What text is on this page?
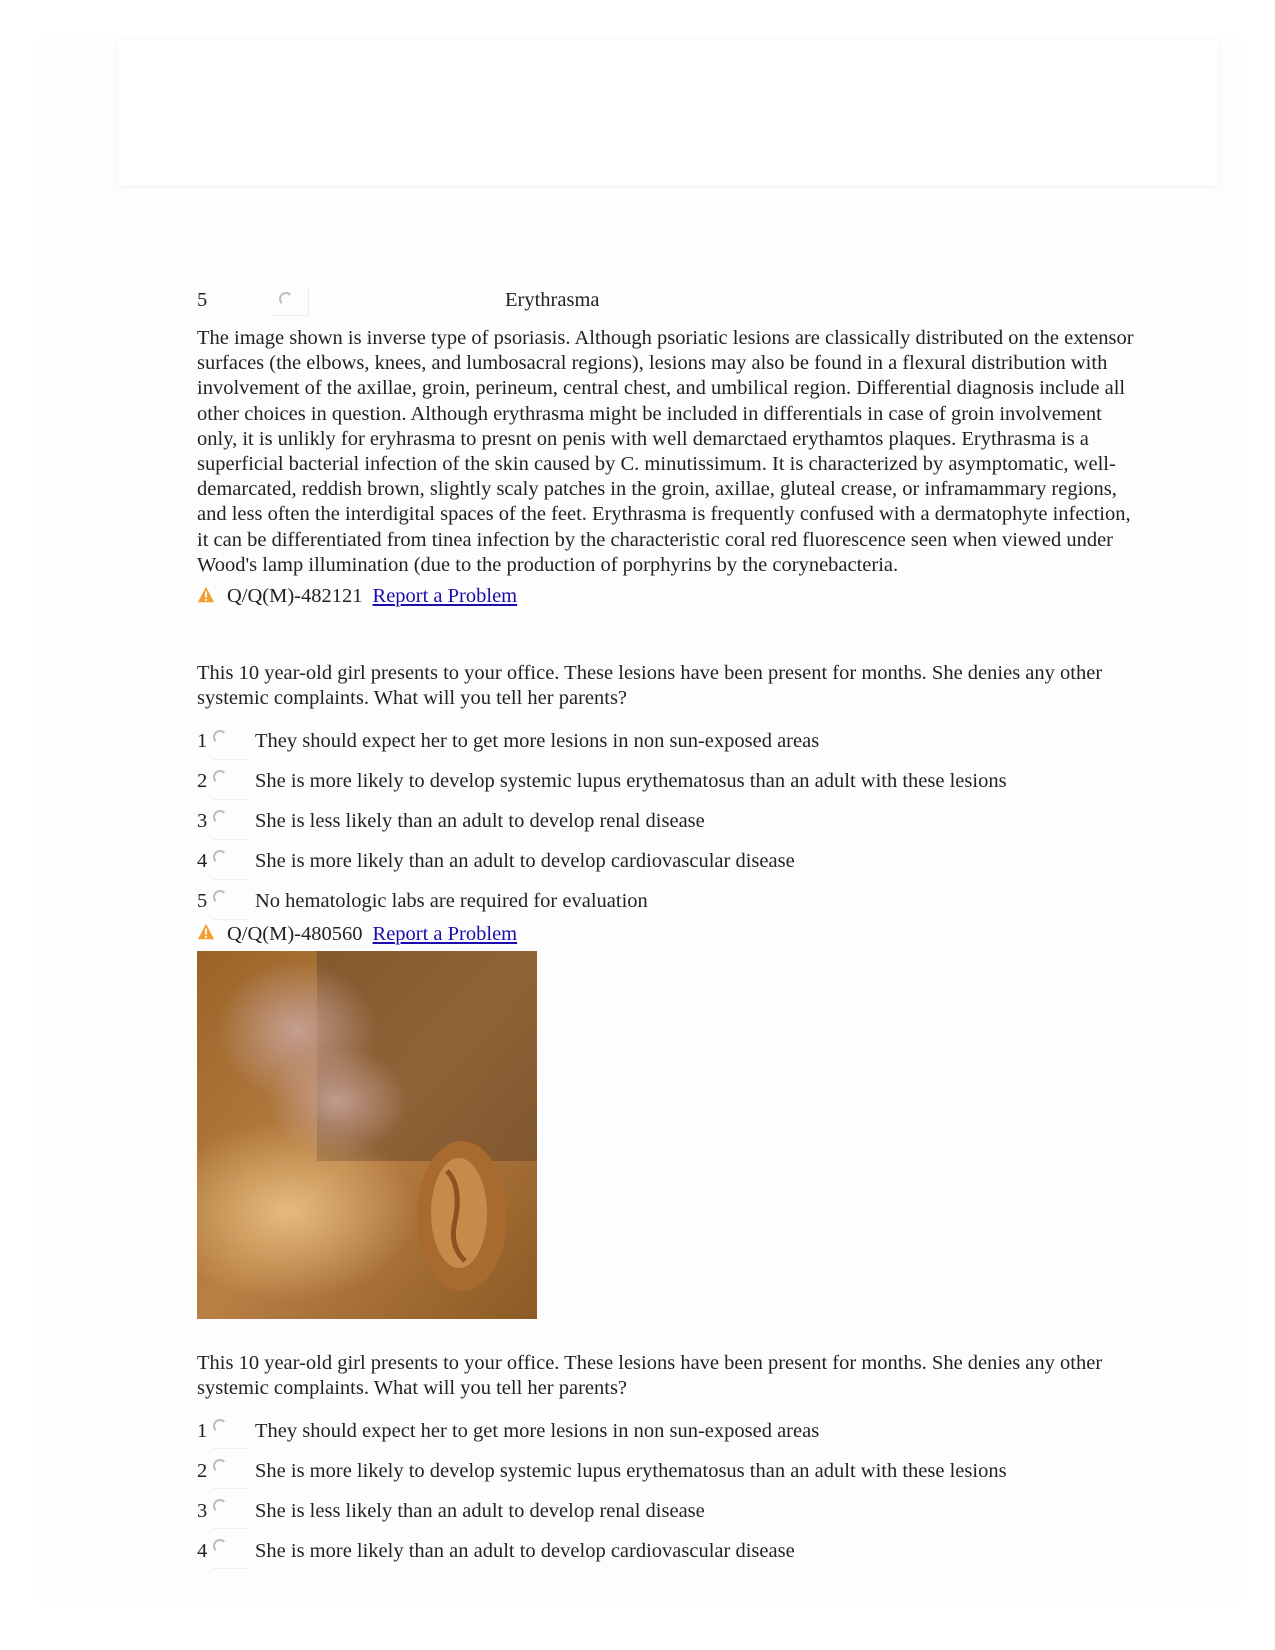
5	Erythrasma
The image shown is inverse type of psoriasis. Although psoriatic lesions are classically distributed on the extensor surfaces (the elbows, knees, and lumbosacral regions), lesions may also be found in a flexural distribution with involvement of the axillae, groin, perineum, central chest, and umbilical region. Differential diagnosis include all other choices in question. Although erythrasma might be included in differentials in case of groin involvement only, it is unlikly for eryhrasma to presnt on penis with well demarctaed erythamtos plaques. Erythrasma is a superficial bacterial infection of the skin caused by C. minutissimum. It is characterized by asymptomatic, well-demarcated, reddish brown, slightly scaly patches in the groin, axillae, gluteal crease, or inframammary regions, and less often the interdigital spaces of the feet. Erythrasma is frequently confused with a dermatophyte infection, it can be differentiated from tinea infection by the characteristic coral red fluorescence seen when viewed under Wood's lamp illumination (due to the production of porphyrins by the corynebacteria.
Q/Q(M)-482121 Report a Problem
This 10 year-old girl presents to your office. These lesions have been present for months. She denies any other systemic complaints. What will you tell her parents?
1 They should expect her to get more lesions in non sun-exposed areas
2 She is more likely to develop systemic lupus erythematosus than an adult with these lesions
3 She is less likely than an adult to develop renal disease
4 She is more likely than an adult to develop cardiovascular disease
5 No hematologic labs are required for evaluation
Q/Q(M)-480560 Report a Problem
This 10 year-old girl presents to your office. These lesions have been present for months. She denies any other systemic complaints. What will you tell her parents?
1 They should expect her to get more lesions in non sun-exposed areas
2 She is more likely to develop systemic lupus erythematosus than an adult with these lesions
3 She is less likely than an adult to develop renal disease
4 She is more likely than an adult to develop cardiovascular disease
